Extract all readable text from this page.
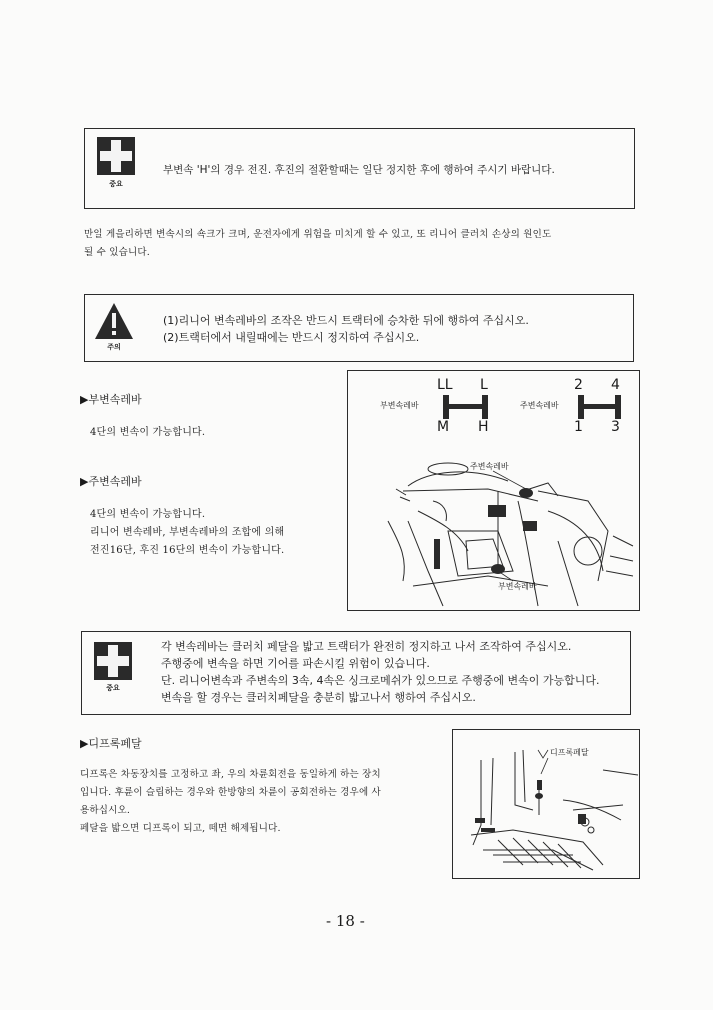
중요
부변속 'H'의 경우 전진. 후진의 절환할때는 일단 정지한 후에 행하여 주시기 바랍니다.
만일 게을리하면 변속시의 쇽크가 크며, 운전자에게 위험을 미치게 할 수 있고, 또 리니어 클러치 손상의 원인도
될 수 있습니다.
주의
(1)리니어 변속레바의 조작은 반드시 트랙터에 승차한 뒤에 행하여 주십시오.
(2)트랙터에서 내릴때에는 반드시 정지하여 주십시오.
▶부변속레바
4단의 변속이 가능합니다.
▶주변속레바
4단의 변속이 가능합니다.
리니어 변속레바, 부변속레바의 조합에 의해
전진16단, 후진 16단의 변속이 가능합니다.
LL L
M H
부변속레바
2 4
1 3
주변속레바
주변속레바
부변속레바
중요
각 변속레바는 클러치 페달을 밟고 트랙터가 완전히 정지하고 나서 조작하여 주십시오.
주행중에 변속을 하면 기어를 파손시킬 위험이 있습니다.
단. 리니어변속과 주변속의 3속, 4속은 싱크로메쉬가 있으므로 주행중에 변속이 가능합니다.
변속을 할 경우는 클러치페달을 충분히 밟고나서 행하여 주십시오.
▶디프록페달
디프록은 차동장치를 고정하고 좌, 우의 차륜회전을 동일하게 하는 장치
입니다. 후륜이 슬립하는 경우와 한방향의 차륜이 공회전하는 경우에 사
용하십시오.
페달을 밟으면 디프록이 되고, 떼면 해제됩니다.
디프록페달
- 18 -
